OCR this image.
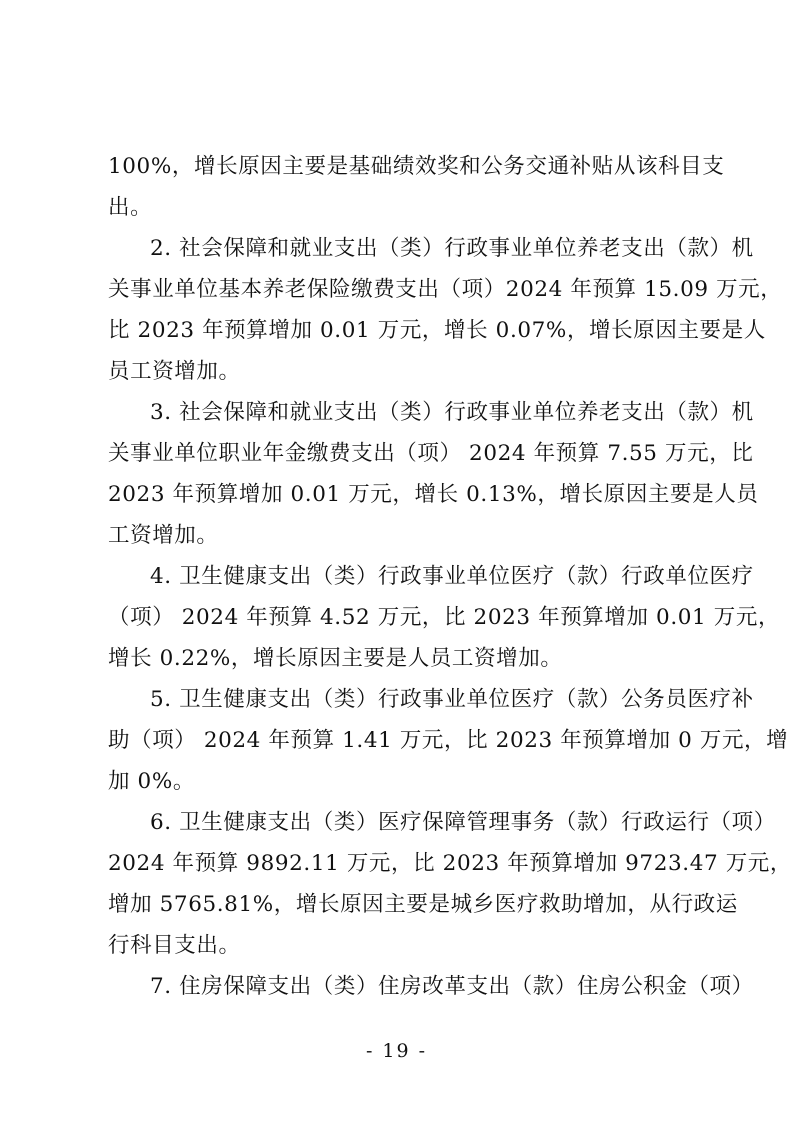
100%，增长原因主要是基础绩效奖和公务交通补贴从该科目支
出。
2. 社会保障和就业支出（类）行政事业单位养老支出（款）机
关事业单位基本养老保险缴费支出（项）2024 年预算 15.09 万元，
比 2023 年预算增加 0.01 万元，增长 0.07%，增长原因主要是人
员工资增加。
3. 社会保障和就业支出（类）行政事业单位养老支出（款）机
关事业单位职业年金缴费支出（项） 2024 年预算 7.55 万元，比
2023 年预算增加 0.01 万元，增长 0.13%，增长原因主要是人员
工资增加。
4. 卫生健康支出（类）行政事业单位医疗（款）行政单位医疗
（项） 2024 年预算 4.52 万元，比 2023 年预算增加 0.01 万元，
增长 0.22%，增长原因主要是人员工资增加。
5. 卫生健康支出（类）行政事业单位医疗（款）公务员医疗补
助（项） 2024 年预算 1.41 万元，比 2023 年预算增加 0 万元，增
加 0%。
6. 卫生健康支出（类）医疗保障管理事务（款）行政运行（项）
2024 年预算 9892.11 万元，比 2023 年预算增加 9723.47 万元，
增加 5765.81%，增长原因主要是城乡医疗救助增加，从行政运
行科目支出。
7. 住房保障支出（类）住房改革支出（款）住房公积金（项）
- 19 -
